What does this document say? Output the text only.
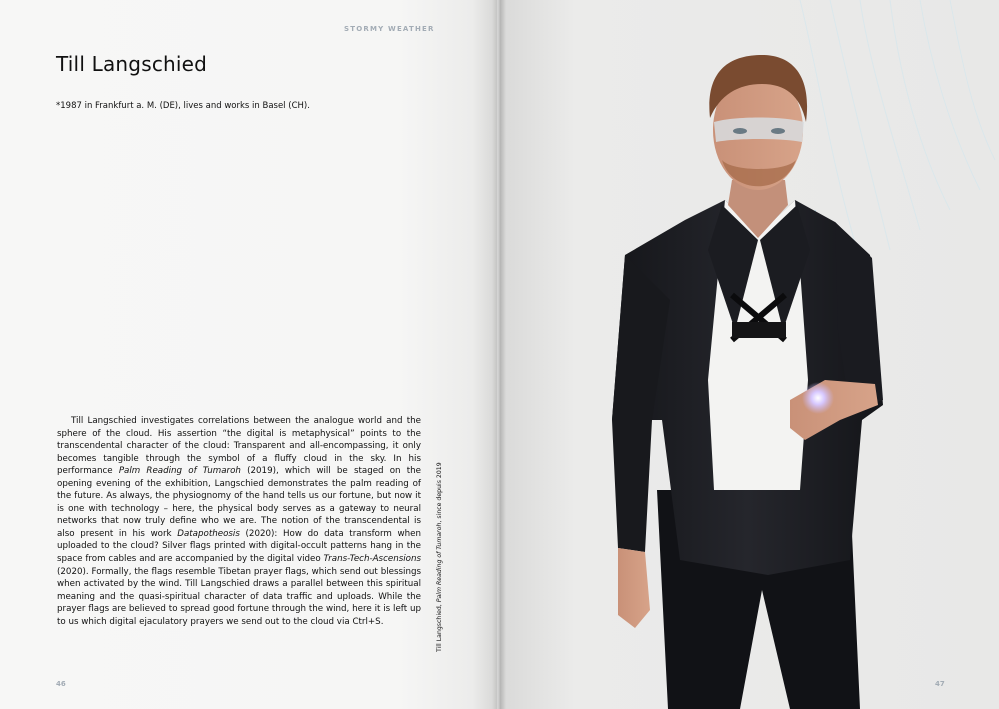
STORMY WEATHER
Till Langschied
*1987 in Frankfurt a. M. (DE), lives and works in Basel (CH).

Till Langschied investigates correlations between the analogue world and the sphere of the cloud. His assertion “the digital is metaphysical” points to the transcendental character of the cloud: Transparent and all-encompassing, it only becomes tangible through the symbol of a fluffy cloud in the sky. In his performance Palm Reading of Tumaroh (2019), which will be staged on the opening evening of the exhibition, Langschied demonstrates the palm reading of the future. As always, the physiognomy of the hand tells us our fortune, but now it is one with technology – here, the physical body serves as a gateway to neural networks that now truly define who we are. The notion of the transcendental is also present in his work Datapotheosis (2020): How do data transform when uploaded to the cloud? Silver flags printed with digital-occult patterns hang in the space from cables and are accompanied by the digital video Trans-Tech-Ascensions (2020). Formally, the flags resemble Tibetan prayer flags, which send out blessings when activated by the wind. Till Langschied draws a parallel between this spiritual meaning and the quasi-spiritual character of data traffic and uploads. While the prayer flags are believed to spread good fortune through the wind, here it is left up to us which digital ejaculatory prayers we send out to the cloud via Ctrl+S.	Till Langschied, Palm Reading of Tumaroh, since depuis 2019
46	47
